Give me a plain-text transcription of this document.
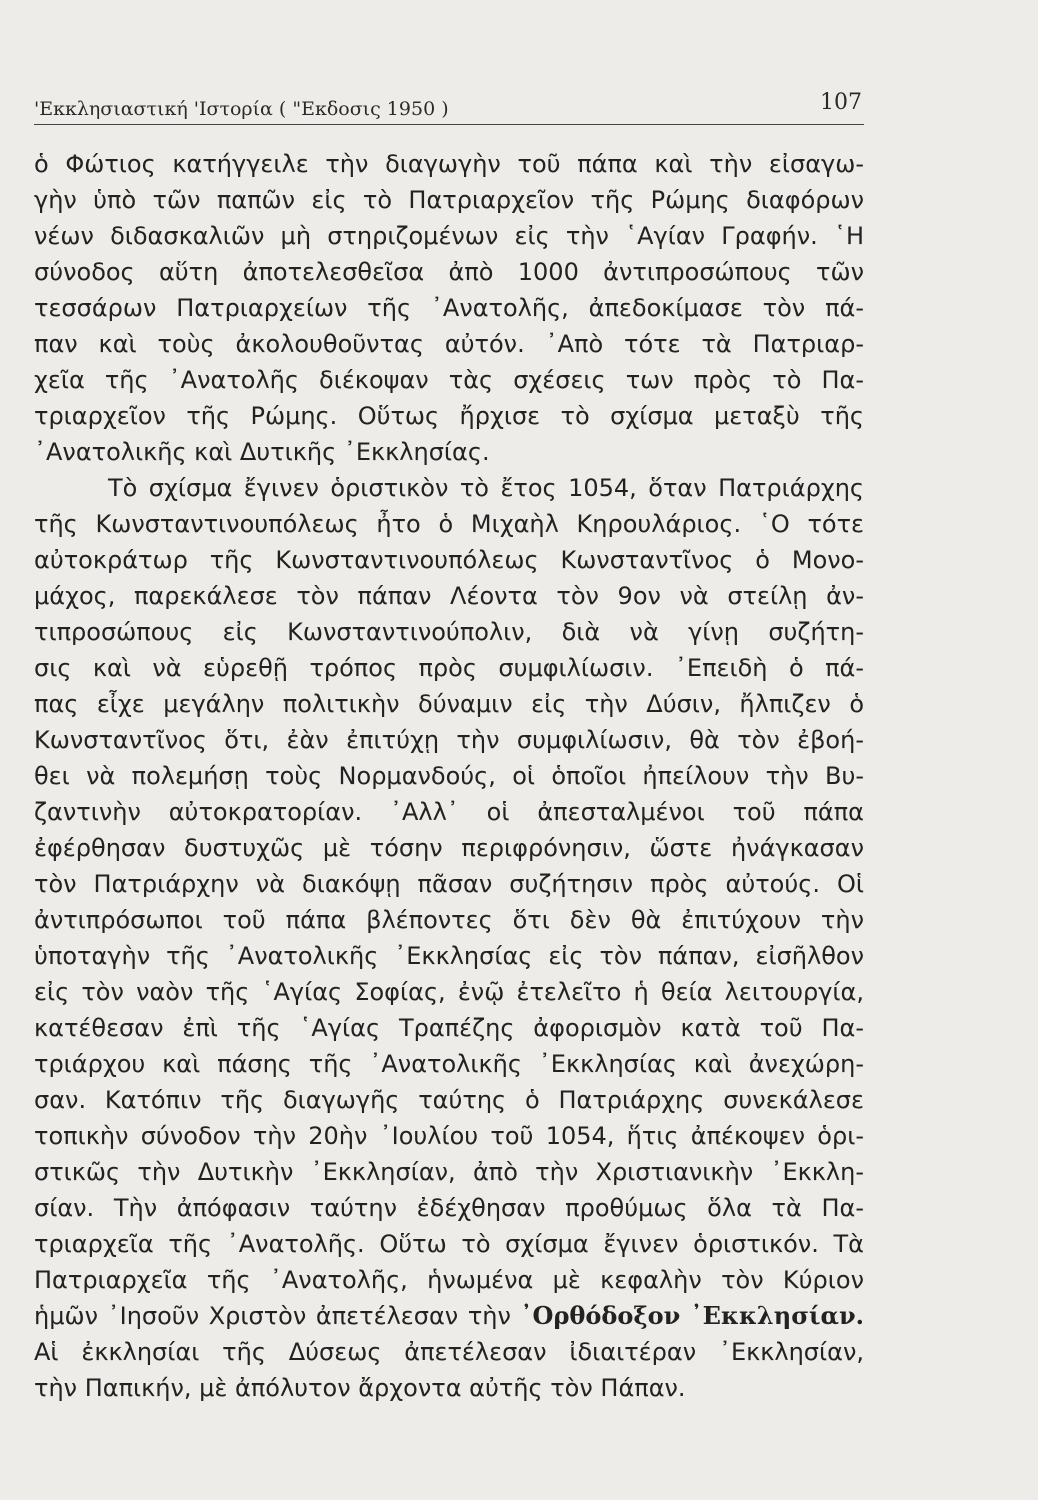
'Εκκλησιαστική 'Ιστορία ( "Εκδοσις 1950 )	107
ὁ Φώτιος κατήγγειλε τὴν διαγωγὴν τοῦ πάπα καὶ τὴν εἰσαγω-
γὴν ὑπὸ τῶν παπῶν εἰς τὸ Πατριαρχεῖον τῆς Ρώμης διαφόρων
νέων διδασκαλιῶν μὴ στηριζομένων εἰς τὴν ῾Αγίαν Γραφήν. ῾Η
σύνοδος αὕτη ἀποτελεσθεῖσα ἀπὸ 1000 ἀντιπροσώπους τῶν
τεσσάρων Πατριαρχείων τῆς ᾿Ανατολῆς, ἀπεδοκίμασε τὸν πά-
παν καὶ τοὺς ἀκολουθοῦντας αὐτόν. ᾿Απὸ τότε τὰ Πατριαρ-
χεῖα τῆς ᾿Ανατολῆς διέκοψαν τὰς σχέσεις των πρὸς τὸ Πα-
τριαρχεῖον τῆς Ρώμης. Οὕτως ἤρχισε τὸ σχίσμα μεταξὺ τῆς
᾿Ανατολικῆς καὶ Δυτικῆς ᾿Εκκλησίας.
Τὸ σχίσμα ἔγινεν ὁριστικὸν τὸ ἔτος 1054, ὅταν Πατριάρχης
τῆς Κωνσταντινουπόλεως ἦτο ὁ Μιχαὴλ Κηρουλάριος. ῾Ο τότε
αὐτοκράτωρ τῆς Κωνσταντινουπόλεως Κωνσταντῖνος ὁ Μονο-
μάχος, παρεκάλεσε τὸν πάπαν Λέοντα τὸν 9ον νὰ στείλῃ ἀν-
τιπροσώπους εἰς Κωνσταντινούπολιν, διὰ νὰ γίνῃ συζήτη-
σις καὶ νὰ εὑρεθῇ τρόπος πρὸς συμφιλίωσιν. ᾿Επειδὴ ὁ πά-
πας εἶχε μεγάλην πολιτικὴν δύναμιν εἰς τὴν Δύσιν, ἤλπιζεν ὁ
Κωνσταντῖνος ὅτι, ἐὰν ἐπιτύχῃ τὴν συμφιλίωσιν, θὰ τὸν ἐβοή-
θει νὰ πολεμήσῃ τοὺς Νορμανδούς, οἱ ὁποῖοι ἠπείλουν τὴν Βυ-
ζαντινὴν αὐτοκρατορίαν. ᾿Αλλ᾿ οἱ ἀπεσταλμένοι τοῦ πάπα
ἐφέρθησαν δυστυχῶς μὲ τόσην περιφρόνησιν, ὥστε ἠνάγκασαν
τὸν Πατριάρχην νὰ διακόψῃ πᾶσαν συζήτησιν πρὸς αὐτούς. Οἱ
ἀντιπρόσωποι τοῦ πάπα βλέποντες ὅτι δὲν θὰ ἐπιτύχουν τὴν
ὑποταγὴν τῆς ᾿Ανατολικῆς ᾿Εκκλησίας εἰς τὸν πάπαν, εἰσῆλθον
εἰς τὸν ναὸν τῆς ῾Αγίας Σοφίας, ἐνῷ ἐτελεῖτο ἡ θεία λειτουργία,
κατέθεσαν ἐπὶ τῆς ῾Αγίας Τραπέζης ἀφορισμὸν κατὰ τοῦ Πα-
τριάρχου καὶ πάσης τῆς ᾿Ανατολικῆς ᾿Εκκλησίας καὶ ἀνεχώρη-
σαν. Κατόπιν τῆς διαγωγῆς ταύτης ὁ Πατριάρχης συνεκάλεσε
τοπικὴν σύνοδον τὴν 20ὴν ᾿Ιουλίου τοῦ 1054, ἥτις ἀπέκοψεν ὁρι-
στικῶς τὴν Δυτικὴν ᾿Εκκλησίαν, ἀπὸ τὴν Χριστιανικὴν ᾿Εκκλη-
σίαν. Τὴν ἀπόφασιν ταύτην ἐδέχθησαν προθύμως ὅλα τὰ Πα-
τριαρχεῖα τῆς ᾿Ανατολῆς. Οὕτω τὸ σχίσμα ἔγινεν ὁριστικόν. Τὰ
Πατριαρχεῖα τῆς ᾿Ανατολῆς, ἡνωμένα μὲ κεφαλὴν τὸν Κύριον
ἡμῶν ᾿Ιησοῦν Χριστὸν ἀπετέλεσαν τὴν ᾿Ορθόδοξον ᾿Εκκλησίαν.
Αἱ ἐκκλησίαι τῆς Δύσεως ἀπετέλεσαν ἰδιαιτέραν ᾿Εκκλησίαν,
τὴν Παπικήν, μὲ ἀπόλυτον ἄρχοντα αὐτῆς τὸν Πάπαν.
